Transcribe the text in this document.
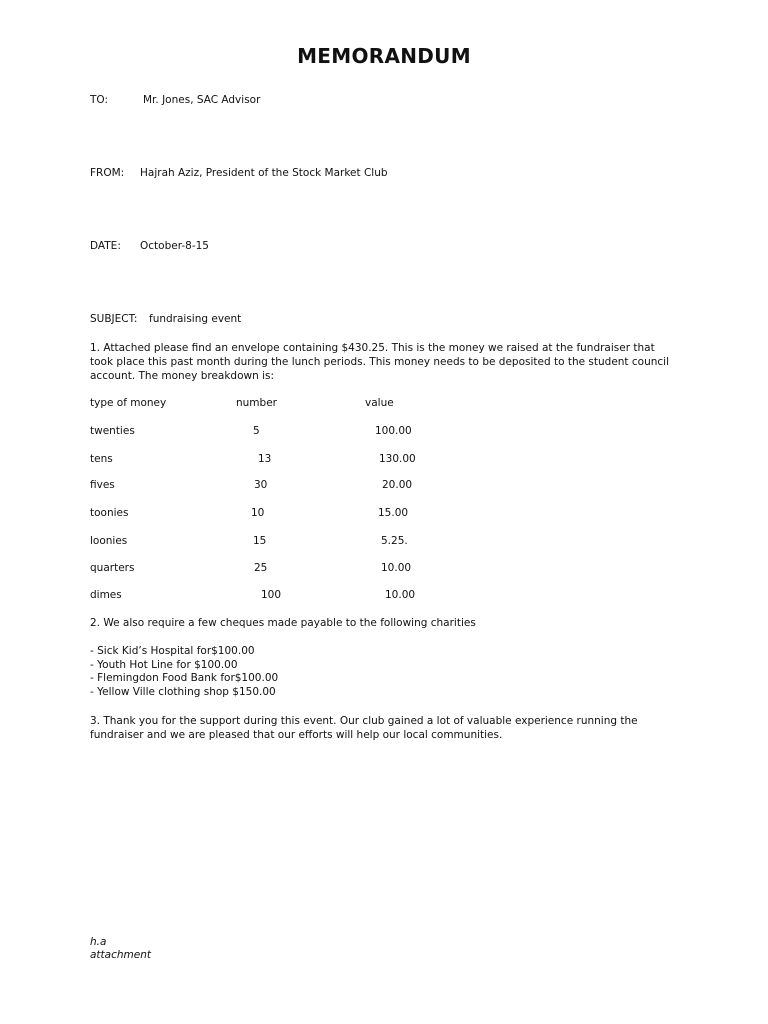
MEMORANDUM
TO:	Mr. Jones, SAC Advisor
FROM: Hajrah Aziz, President of the Stock Market Club
DATE: October-8-15
SUBJECT: fundraising event
1. Attached please find an envelope containing $430.25. This is the money we raised at the fundraiser that took place this past month during the lunch periods. This money needs to be deposited to the student council account. The money breakdown is:
type of money	number	value
twenties	5	100.00
tens	13	130.00
fives	30	20.00
toonies	10	15.00
loonies	15	5.25.
quarters	25	10.00
dimes	100	10.00
2. We also require a few cheques made payable to the following charities
- Sick Kid’s Hospital for$100.00
- Youth Hot Line for $100.00
- Flemingdon Food Bank for$100.00
- Yellow Ville clothing shop $150.00
3. Thank you for the support during this event. Our club gained a lot of valuable experience running the fundraiser and we are pleased that our efforts will help our local communities.
h.a
attachment
